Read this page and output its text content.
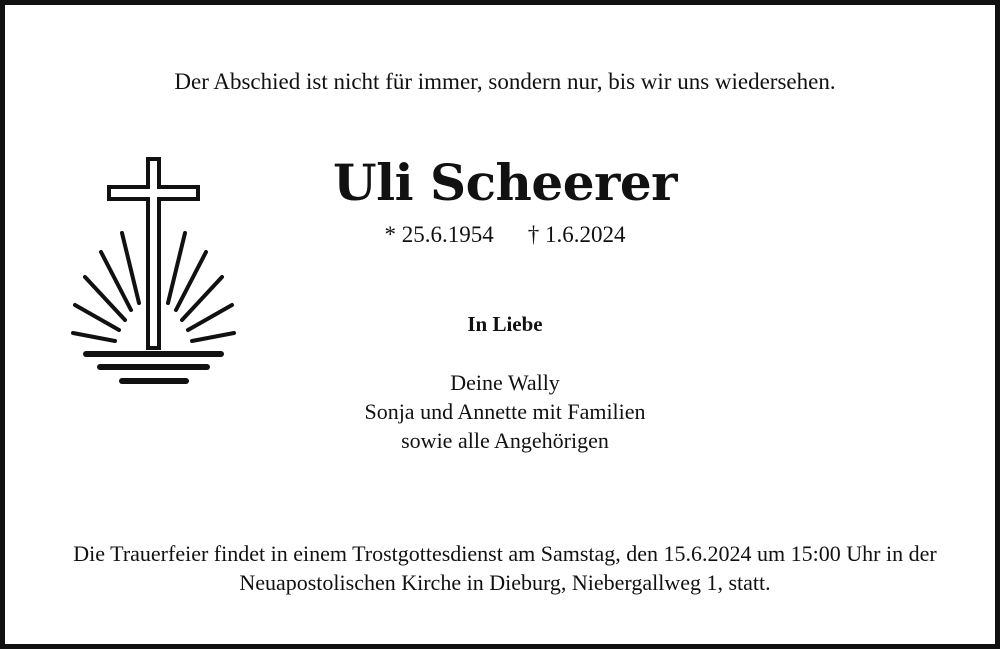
Der Abschied ist nicht für immer, sondern nur, bis wir uns wiedersehen.
Uli Scheerer
* 25.6.1954 † 1.6.2024
In Liebe
Deine Wally
Sonja und Annette mit Familien
sowie alle Angehörigen
Die Trauerfeier findet in einem Trostgottesdienst am Samstag, den 15.6.2024 um 15:00 Uhr in der
Neuapostolischen Kirche in Dieburg, Niebergallweg 1, statt.
